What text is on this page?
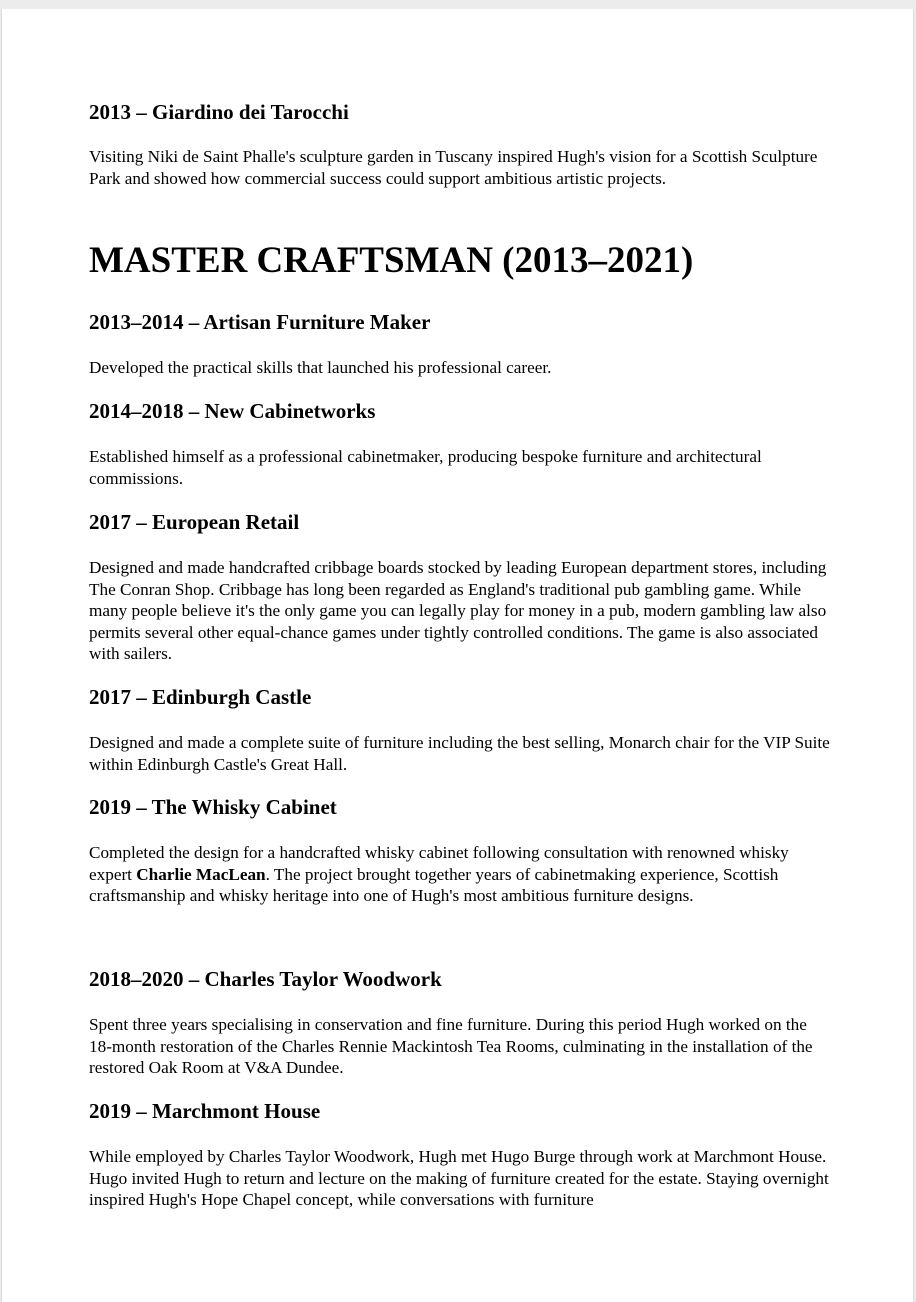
2013 – Giardino dei Tarocchi

Visiting Niki de Saint Phalle's sculpture garden in Tuscany inspired Hugh's vision for a Scottish Sculpture Park and showed how commercial success could support ambitious artistic projects.

MASTER CRAFTSMAN (2013–2021)
2013–2014 – Artisan Furniture Maker

Developed the practical skills that launched his professional career.

2014–2018 – New Cabinetworks

Established himself as a professional cabinetmaker, producing bespoke furniture and architectural commissions.

2017 – European Retail

Designed and made handcrafted cribbage boards stocked by leading European department stores, including The Conran Shop. Cribbage has long been regarded as England's traditional pub gambling game. While many people believe it's the only game you can legally play for money in a pub, modern gambling law also permits several other equal-chance games under tightly controlled conditions. The game is also associated with sailers.

2017 – Edinburgh Castle

Designed and made a complete suite of furniture including the best selling, Monarch chair for the VIP Suite within Edinburgh Castle's Great Hall.

2019 – The Whisky Cabinet

Completed the design for a handcrafted whisky cabinet following consultation with renowned whisky expert Charlie MacLean. The project brought together years of cabinetmaking experience, Scottish craftsmanship and whisky heritage into one of Hugh's most ambitious furniture designs.

2018–2020 – Charles Taylor Woodwork

Spent three years specialising in conservation and fine furniture. During this period Hugh worked on the 18-month restoration of the Charles Rennie Mackintosh Tea Rooms, culminating in the installation of the restored Oak Room at V&A Dundee.

2019 – Marchmont House

While employed by Charles Taylor Woodwork, Hugh met Hugo Burge through work at Marchmont House. Hugo invited Hugh to return and lecture on the making of furniture created for the estate. Staying overnight inspired Hugh's Hope Chapel concept, while conversations with furniture
